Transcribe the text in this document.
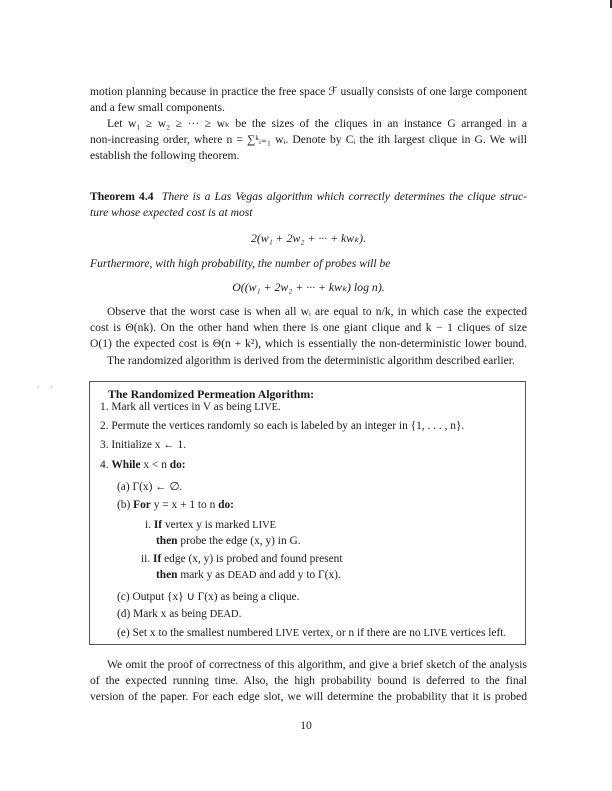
· ·
motion planning because in practice the free space ℱ usually consists of one large component
and a few small components.
Let w₁ ≥ w₂ ≥ ··· ≥ wₖ be the sizes of the cliques in an instance G arranged in a
non-increasing order, where n = ∑ᵏᵢ₌₁ wᵢ. Denote by Cᵢ the ith largest clique in G. We will
establish the following theorem.
Theorem 4.4 There is a Las Vegas algorithm which correctly determines the clique struc-
ture whose expected cost is at most
2(w₁ + 2w₂ + ··· + kwₖ).
Furthermore, with high probability, the number of probes will be
O((w₁ + 2w₂ + ··· + kwₖ) log n).
Observe that the worst case is when all wᵢ are equal to n/k, in which case the expected
cost is Θ(nk). On the other hand when there is one giant clique and k − 1 cliques of size
O(1) the expected cost is Θ(n + k²), which is essentially the non-deterministic lower bound.
The randomized algorithm is derived from the deterministic algorithm described earlier.
The Randomized Permeation Algorithm:
1. Mark all vertices in V as being LIVE.
2. Permute the vertices randomly so each is labeled by an integer in {1, . . . , n}.
3. Initialize x ← 1.
4. While x < n do:
(a) Γ(x) ← ∅.
(b) For y = x + 1 to n do:
i. If vertex y is marked LIVE
then probe the edge (x, y) in G.
ii. If edge (x, y) is probed and found present
then mark y as DEAD and add y to Γ(x).
(c) Output {x} ∪ Γ(x) as being a clique.
(d) Mark x as being DEAD.
(e) Set x to the smallest numbered LIVE vertex, or n if there are no LIVE vertices left.
We omit the proof of correctness of this algorithm, and give a brief sketch of the analysis
of the expected running time. Also, the high probability bound is deferred to the final
version of the paper. For each edge slot, we will determine the probability that it is probed
10
